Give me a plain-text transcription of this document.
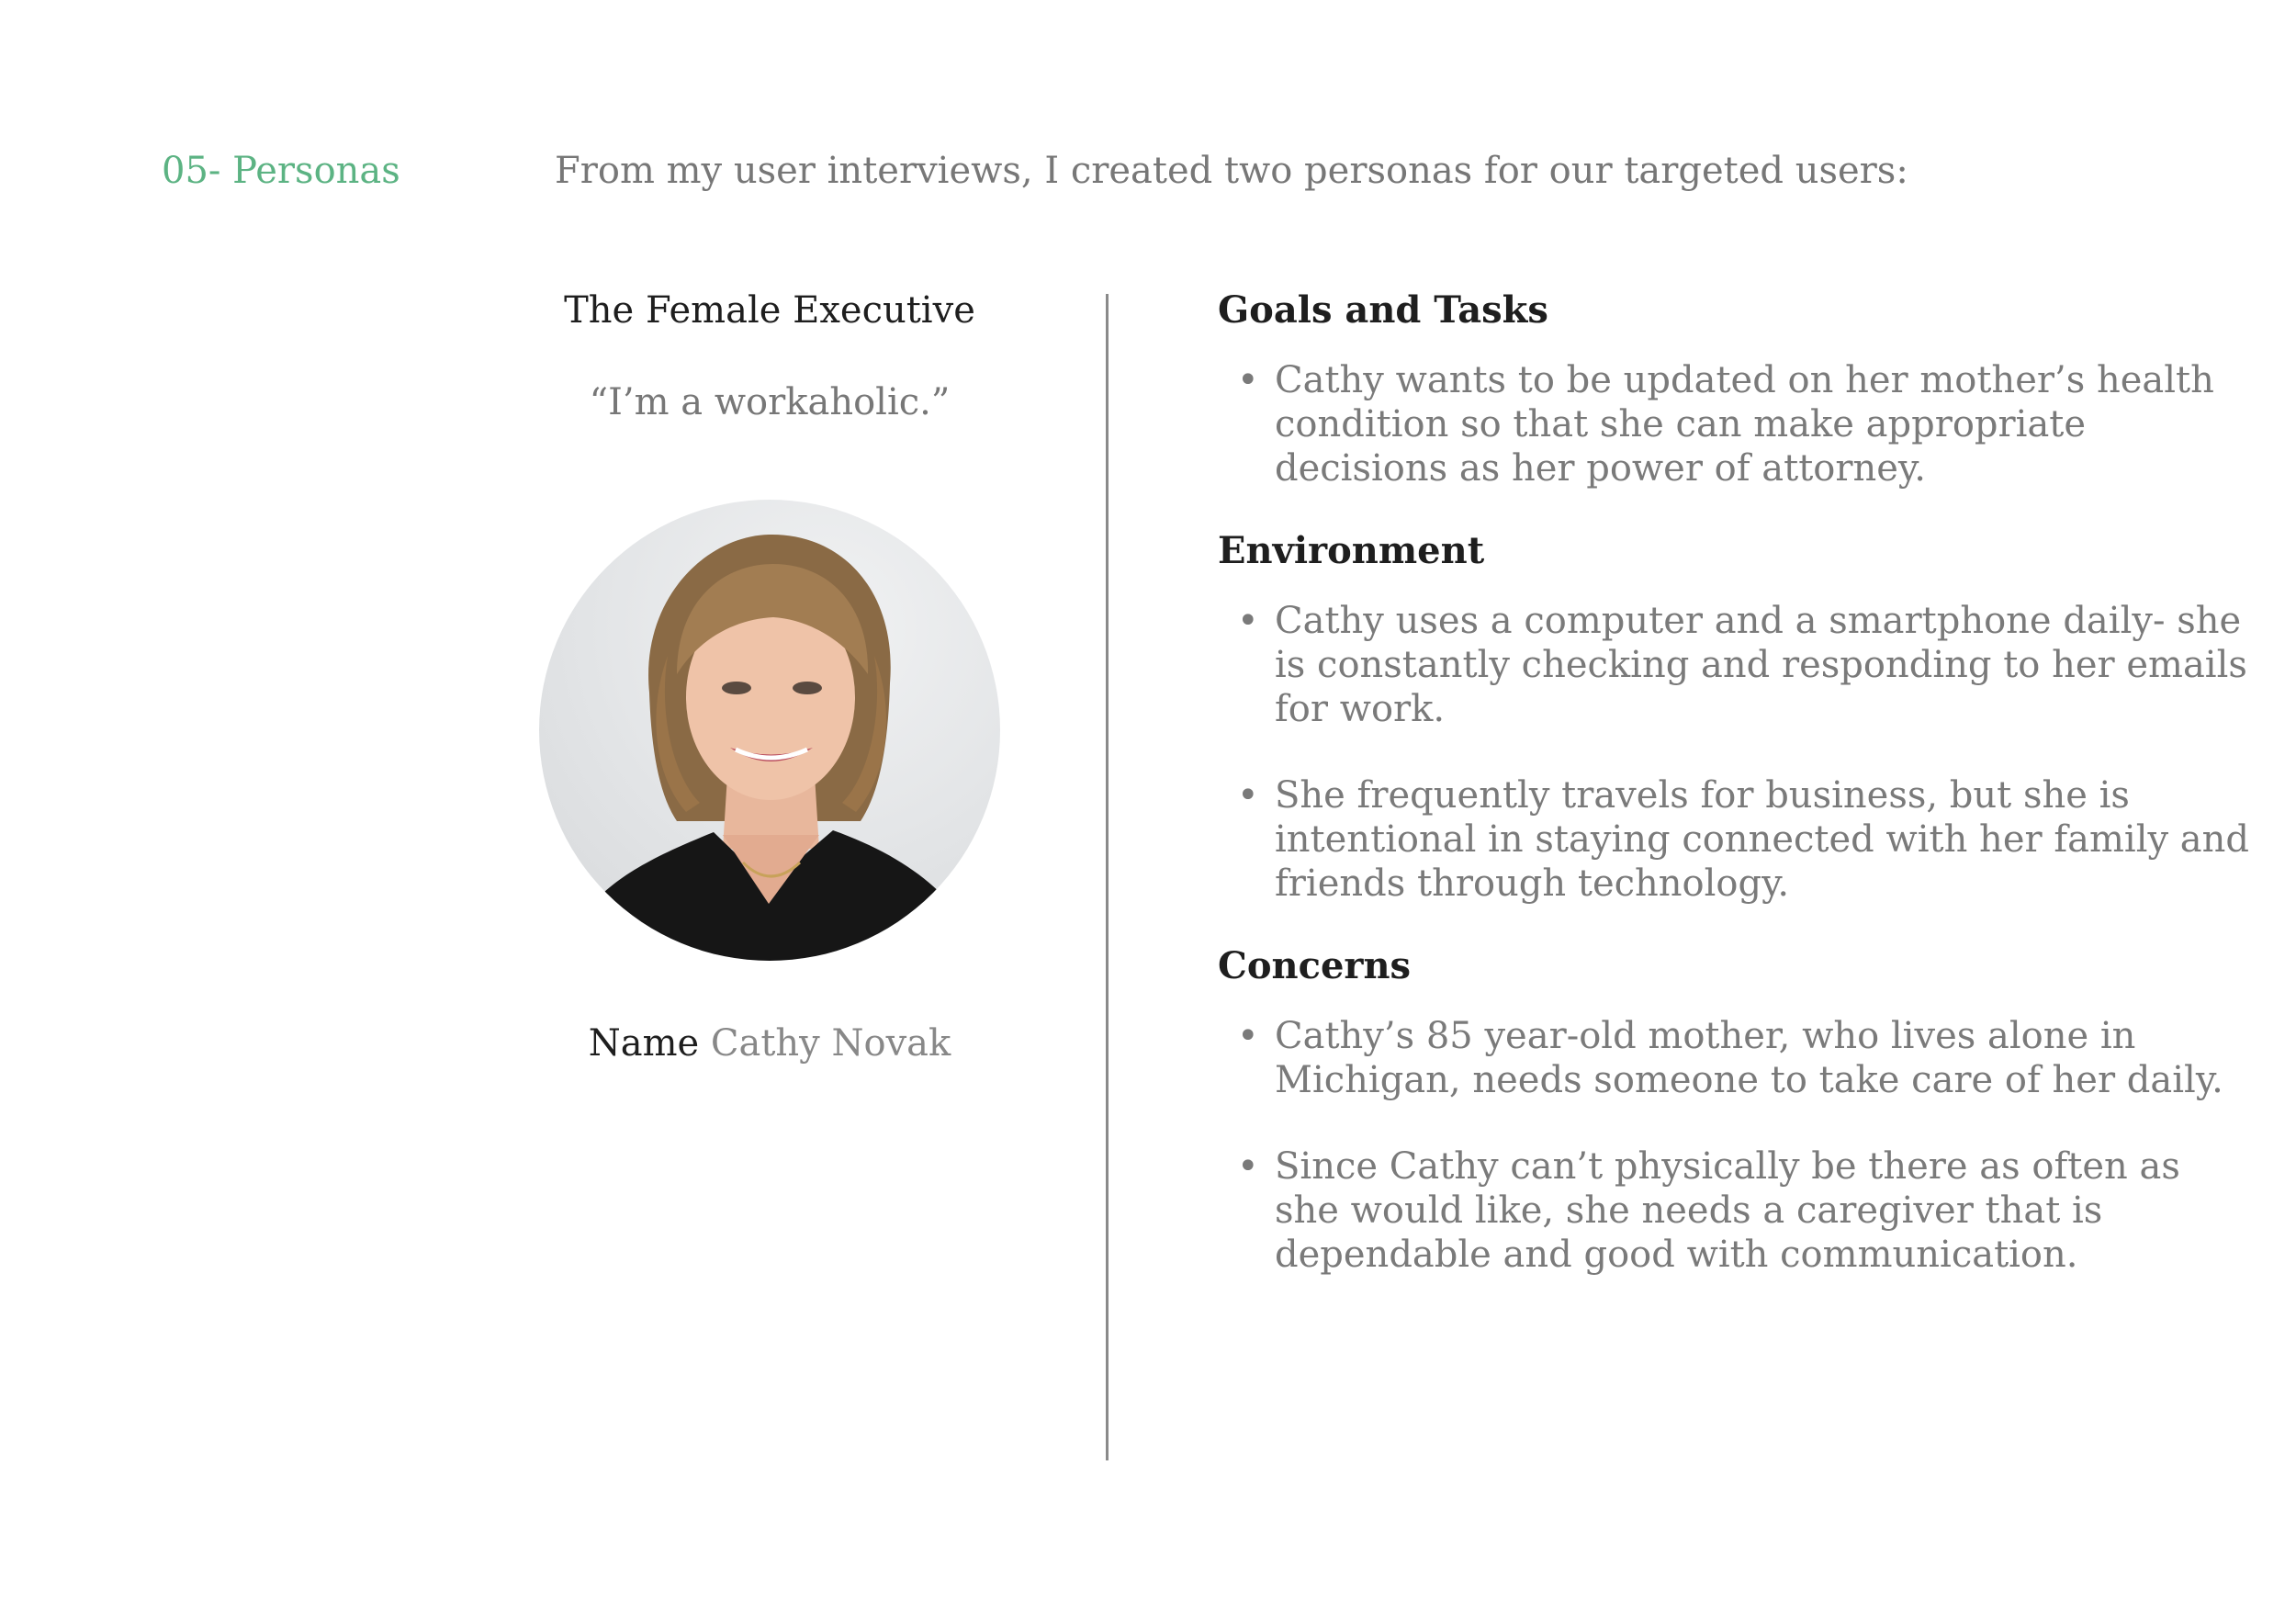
05- Personas	From my user interviews, I created two personas for our targeted users:
The Female Executive
“I’m a workaholic.”
Name Cathy Novak
Goals and Tasks
• Cathy wants to be updated on her mother’s health condition so that she can make appropriate decisions as her power of attorney.
Environment
• Cathy uses a computer and a smartphone daily- she is constantly checking and responding to her emails for work.
• She frequently travels for business, but she is intentional in staying connected with her family and friends through technology.
Concerns
• Cathy’s 85 year-old mother, who lives alone in Michigan, needs someone to take care of her daily.
• Since Cathy can’t physically be there as often as she would like, she needs a caregiver that is dependable and good with communication.
